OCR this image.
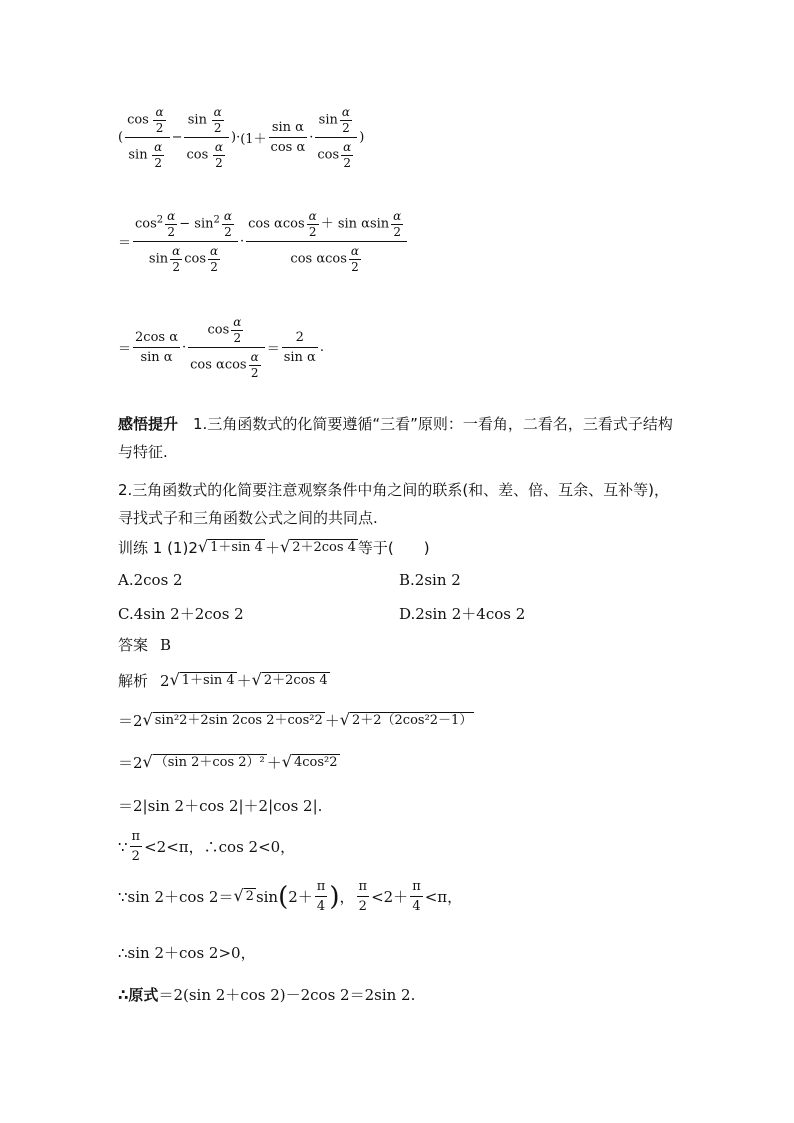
( $\frac{\cos \frac{\alpha}{2}}{\sin \frac{\alpha}{2}} - \frac{\sin \frac{\alpha}{2}}{\cos \frac{\alpha}{2}}$ ) · ($1+ \frac{\text{sin α}}{\text{cos α}} \cdot \frac{\sin \frac{\alpha}{2}}{\cos \frac{\alpha}{2}}$ )
＝ $\frac{\cos^2 \frac{\alpha}{2} - \sin^2 \frac{\alpha}{2}}{\sin \frac{\alpha}{2} \cos \frac{\alpha}{2}} \cdot \frac{\cos \alpha\cos \frac{\alpha}{2} + \sin \alpha\sin \frac{\alpha}{2}}{\cos \alpha\cos \frac{\alpha}{2}}$
＝ $\frac{\text{2cos α}}{\text{sin α}} \cdot \frac{\cos \frac{\alpha}{2}}{\cos \alpha\cos \frac{\alpha}{2}} = \frac{2}{\text{sin α}}$ .
感悟提升　1.三角函数式的化简要遵循“三看”原则：一看角，二看名，三看式子结构与特征.
2.三角函数式的化简要注意观察条件中角之间的联系(和、差、倍、互余、互补等)，寻找式子和三角函数公式之间的共同点.
训练 1 (1)2 √ 1＋sin 4 ＋ √ 2＋2cos 4 等于(　　)
A.2cos 2	B.2sin 2
C.4sin 2＋2cos 2	D.2sin 2＋4cos 2
答案 B
解析 2 √ 1＋sin 4 ＋ √ 2＋2cos 4
＝2 √ sin²2＋2sin 2cos 2＋cos²2 ＋ √ 2＋2（2cos²2－1）
＝2 √ （sin 2＋cos 2）² ＋ √ 4cos²2
＝2|sin 2＋cos 2|＋2|cos 2|.
∵ $\frac{\pi}{2} <2<\pi$，∴cos 2<0，
∵sin 2＋cos 2＝ √ 2 sin ( $2+ \frac{\pi}{4}$ ) ， $\frac{\pi}{2} <2+ \frac{\pi}{4} <\pi$，
∴sin 2＋cos 2>0，
∴原式 ＝2(sin 2＋cos 2)－2cos 2＝2sin 2.
